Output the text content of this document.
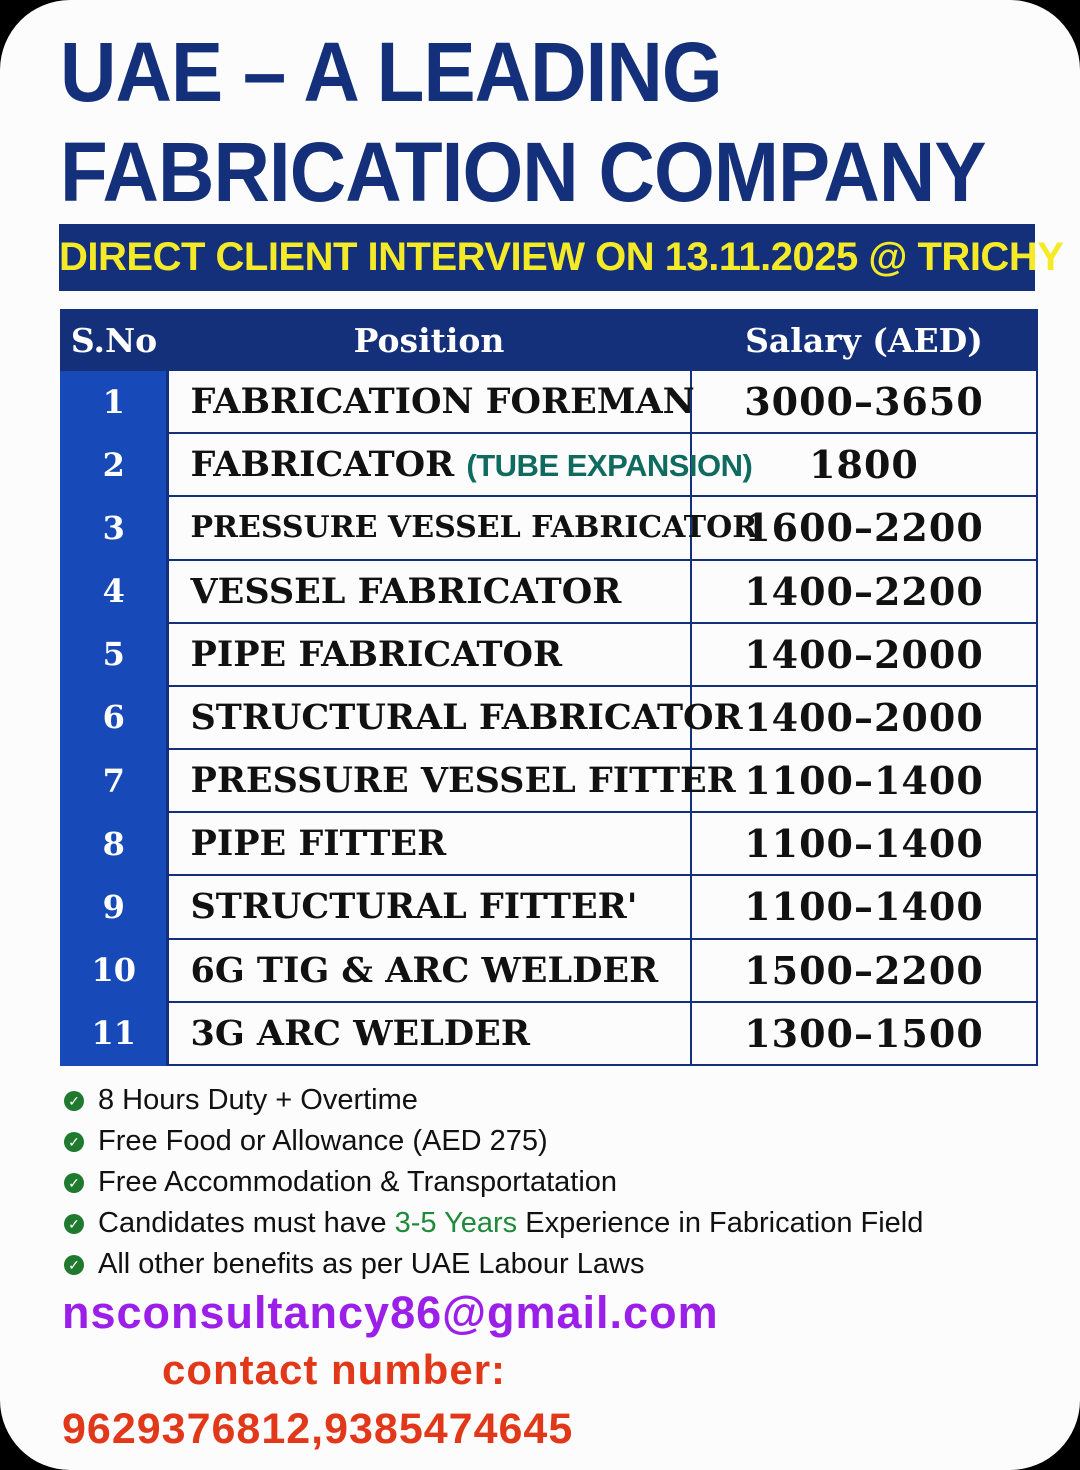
UAE – A LEADING
FABRICATION COMPANY
DIRECT CLIENT INTERVIEW ON 13.11.2025 @ TRICHY
S.No	Position	Salary (AED)
1	FABRICATION FOREMAN	3000–3650
2	FABRICATOR (TUBE EXPANSION)	1800
3	PRESSURE VESSEL FABRICATOR	1600–2200
4	VESSEL FABRICATOR	1400–2200
5	PIPE FABRICATOR	1400–2000
6	STRUCTURAL FABRICATOR	1400–2000
7	PRESSURE VESSEL FITTER	1100–1400
8	PIPE FITTER	1100–1400
9	STRUCTURAL FITTER'	1100–1400
10	6G TIG & ARC WELDER	1500–2200
11	3G ARC WELDER	1300–1500
✓ 8 Hours Duty + Overtime
✓ Free Food or Allowance (AED 275)
✓ Free Accommodation & Transportatation
✓ Candidates must have 3-5 Years Experience in Fabrication Field
✓ All other benefits as per UAE Labour Laws
nsconsultancy86@gmail.com
contact number:
9629376812,9385474645
